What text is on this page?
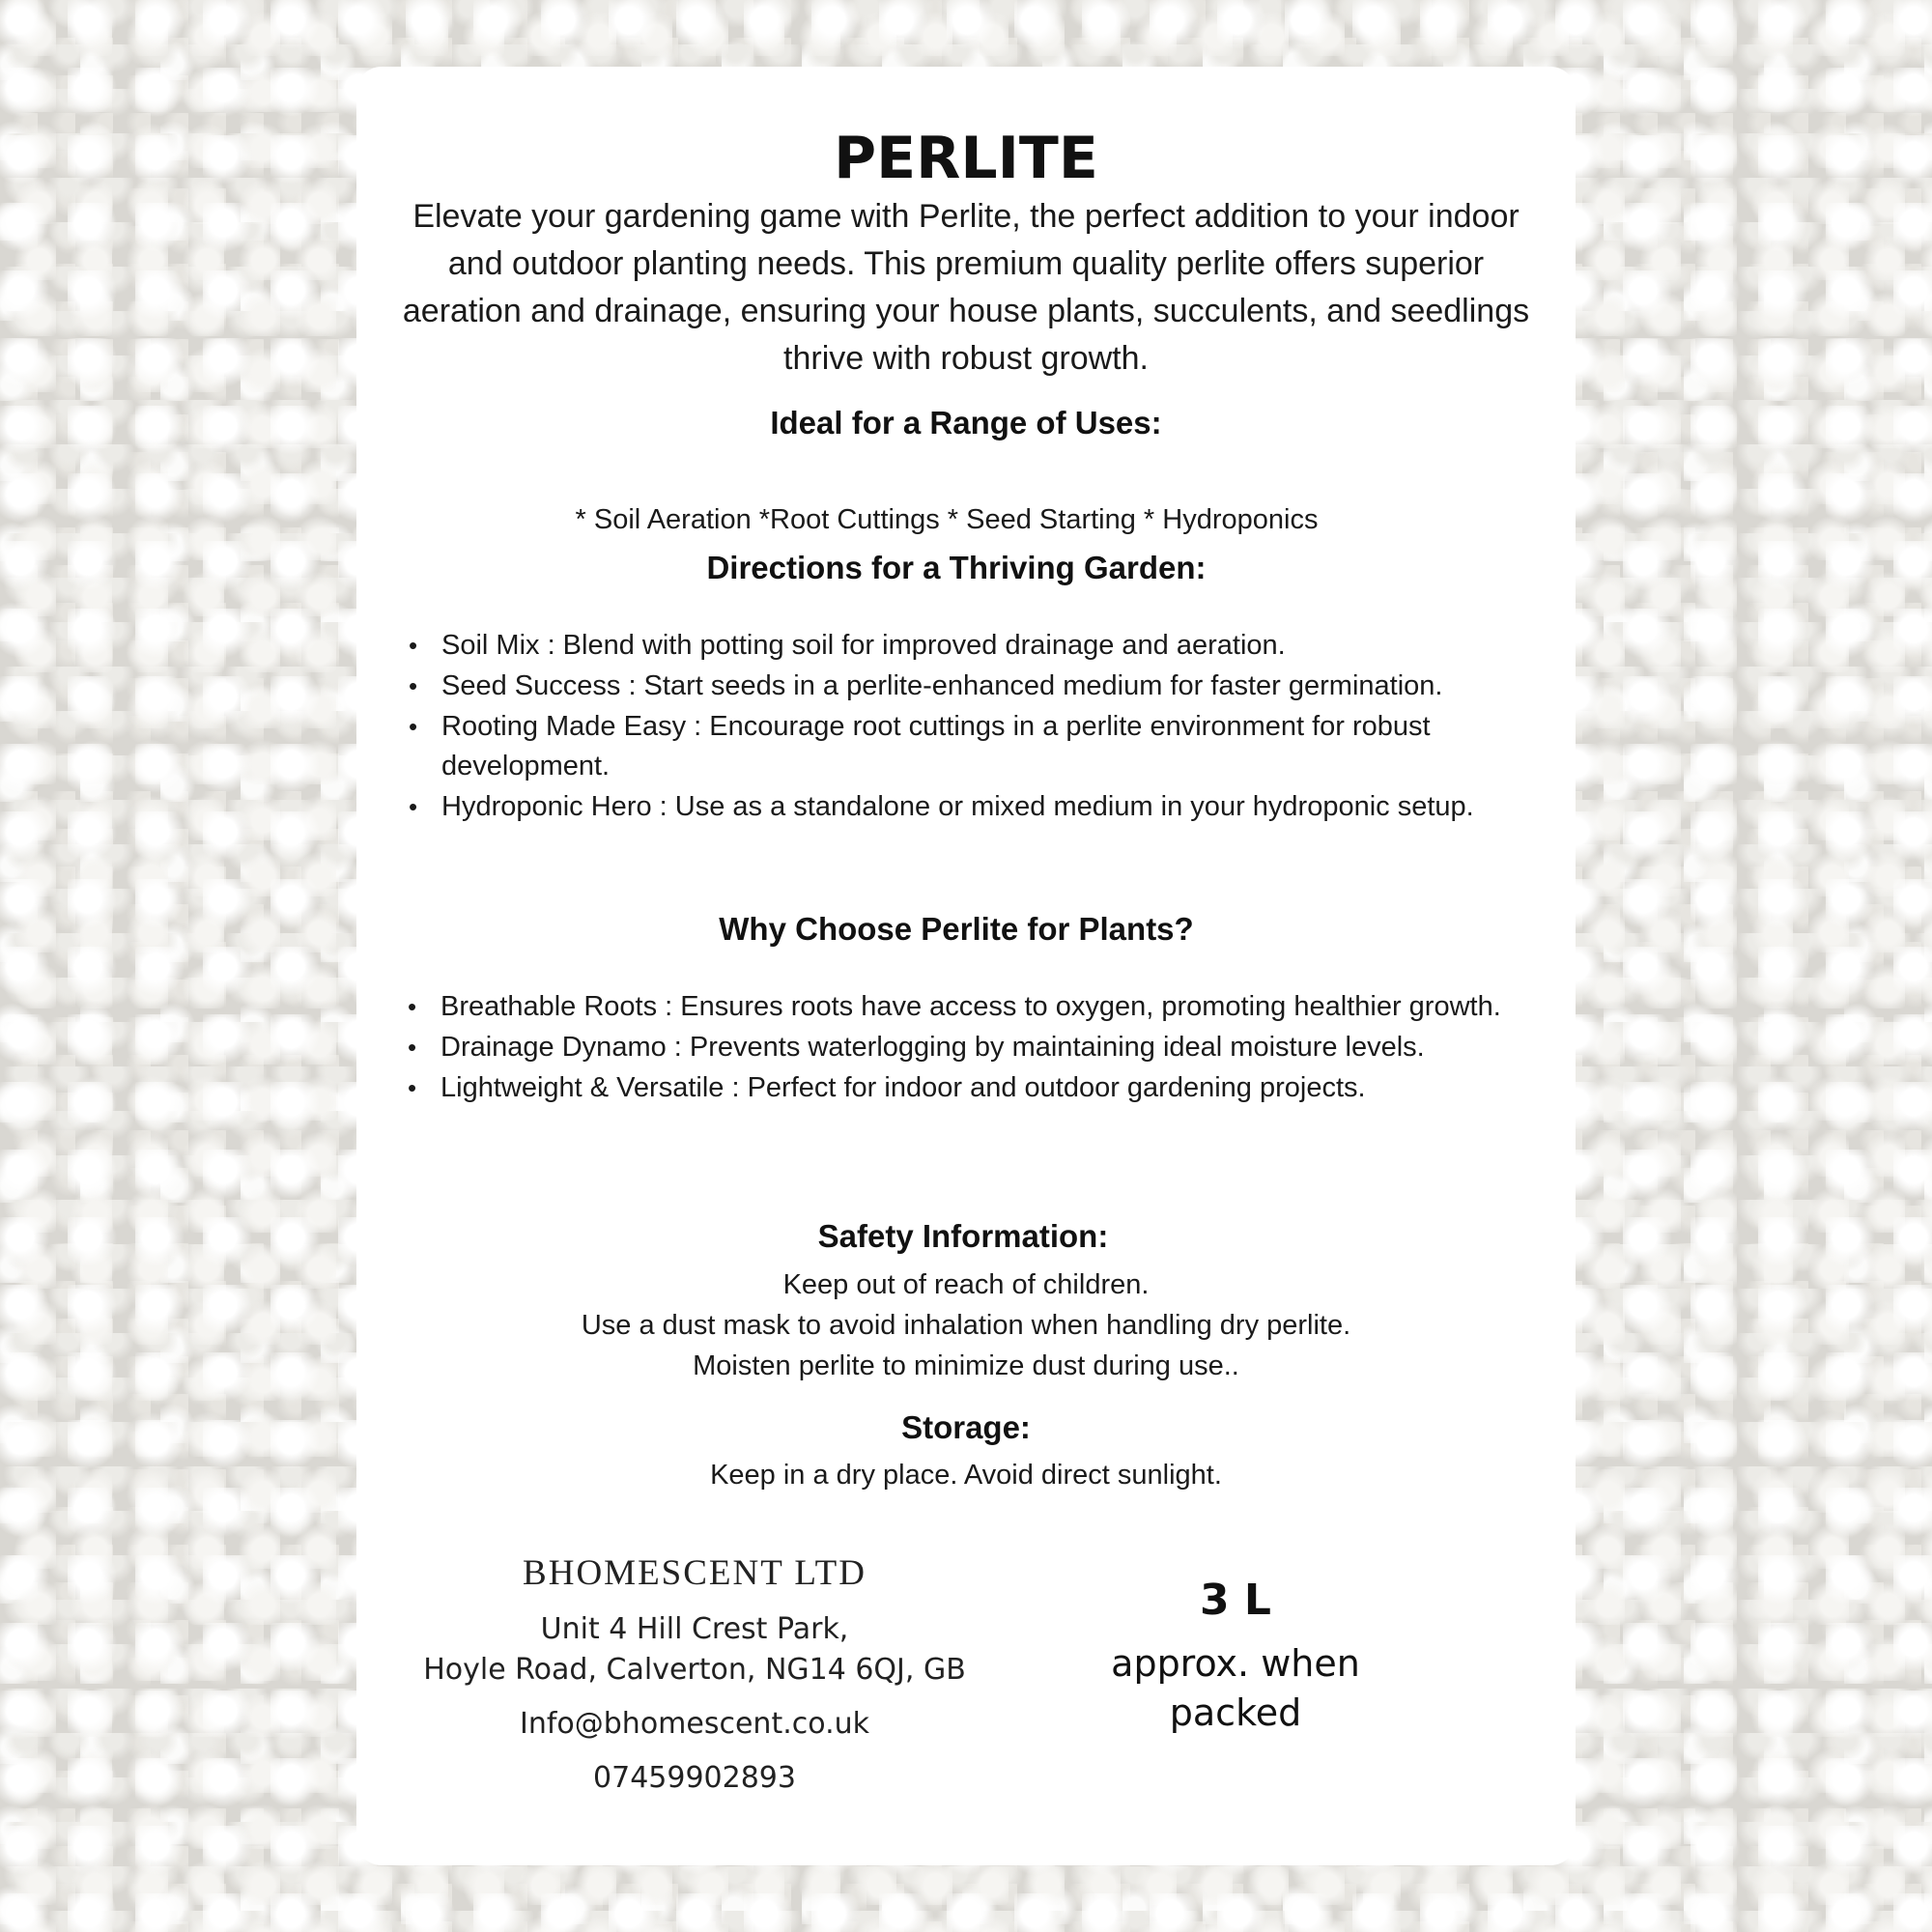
PERLITE

Elevate your gardening game with Perlite, the perfect addition to your indoor and outdoor planting needs. This premium quality perlite offers superior aeration and drainage, ensuring your house plants, succulents, and seedlings thrive with robust growth.

Ideal for a Range of Uses:
* Soil Aeration *Root Cuttings * Seed Starting * Hydroponics
Directions for a Thriving Garden:
• Soil Mix : Blend with potting soil for improved drainage and aeration.
• Seed Success : Start seeds in a perlite-enhanced medium for faster germination.
• Rooting Made Easy : Encourage root cuttings in a perlite environment for robust development.
• Hydroponic Hero : Use as a standalone or mixed medium in your hydroponic setup.
Why Choose Perlite for Plants?
• Breathable Roots : Ensures roots have access to oxygen, promoting healthier growth.
• Drainage Dynamo : Prevents waterlogging by maintaining ideal moisture levels.
• Lightweight & Versatile : Perfect for indoor and outdoor gardening projects.
Safety Information:
Keep out of reach of children.
Use a dust mask to avoid inhalation when handling dry perlite.
Moisten perlite to minimize dust during use..
Storage:
Keep in a dry place. Avoid direct sunlight.
BHOMESCENT LTD
Unit 4 Hill Crest Park,
Hoyle Road, Calverton, NG14 6QJ, GB
Info@bhomescent.co.uk
07459902893
3 L
approx. when
packed
